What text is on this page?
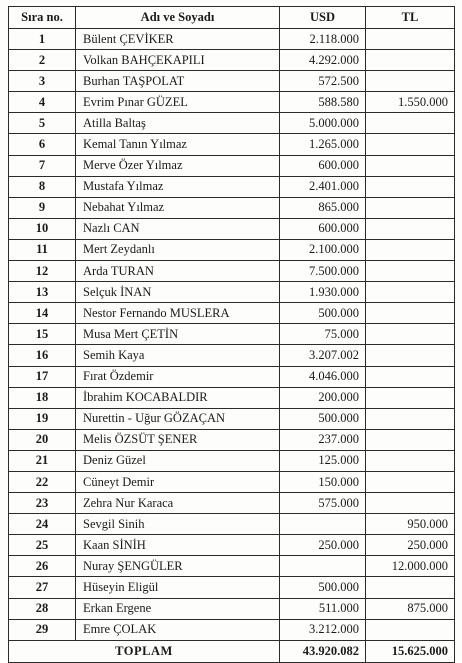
Sıra no.	Adı ve Soyadı	USD	TL
1	Bülent ÇEVİKER	2.118.000	
2	Volkan BAHÇEKAPILI	4.292.000	
3	Burhan TAŞPOLAT	572.500	
4	Evrim Pınar GÜZEL	588.580	1.550.000
5	Atilla Baltaş	5.000.000	
6	Kemal Tanın Yılmaz	1.265.000	
7	Merve Özer Yılmaz	600.000	
8	Mustafa Yılmaz	2.401.000	
9	Nebahat Yılmaz	865.000	
10	Nazlı CAN	600.000	
11	Mert Zeydanlı	2.100.000	
12	Arda TURAN	7.500.000	
13	Selçuk İNAN	1.930.000	
14	Nestor Fernando MUSLERA	500.000	
15	Musa Mert ÇETİN	75.000	
16	Semih Kaya	3.207.002	
17	Fırat Özdemir	4.046.000	
18	İbrahim KOCABALDIR	200.000	
19	Nurettin - Uğur GÖZAÇAN	500.000	
20	Melis ÖZSÜT ŞENER	237.000	
21	Deniz Güzel	125.000	
22	Cüneyt Demir	150.000	
23	Zehra Nur Karaca	575.000	
24	Sevgil Sinih		950.000
25	Kaan SİNİH	250.000	250.000
26	Nuray ŞENGÜLER		12.000.000
27	Hüseyin Eligül	500.000	
28	Erkan Ergene	511.000	875.000
29	Emre ÇOLAK	3.212.000	
TOPLAM		43.920.082	15.625.000
